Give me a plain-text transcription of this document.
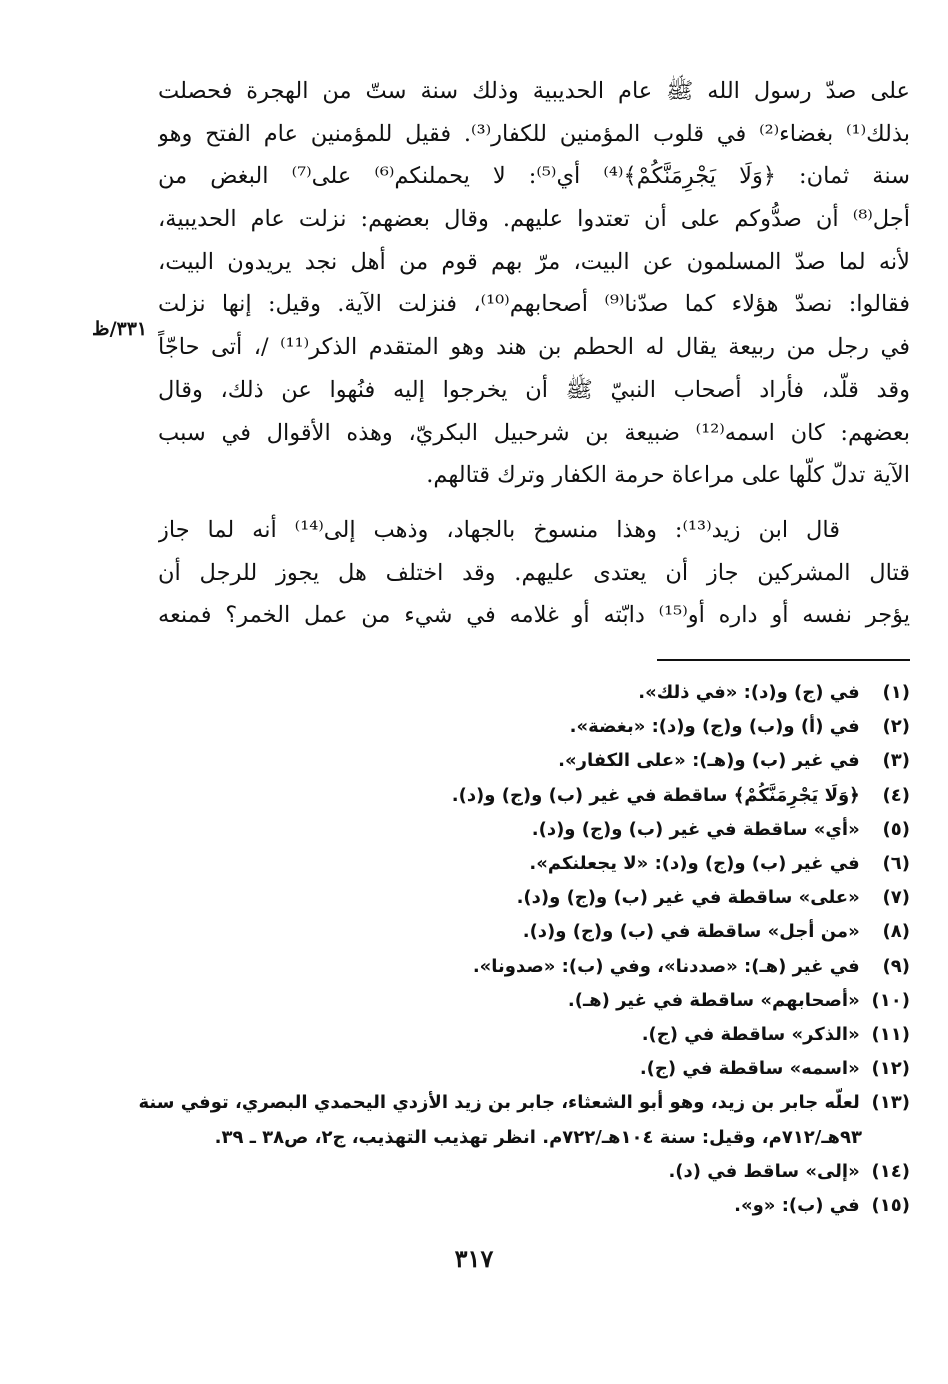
على صدّ رسول الله ﷺ عام الحديبية وذلك سنة ستّ من الهجرة فحصلت
بذلك⁽¹⁾ بغضاء⁽²⁾ في قلوب المؤمنين للكفار⁽³⁾. فقيل للمؤمنين عام الفتح وهو
سنة ثمان: ﴿وَلَا يَجْرِمَنَّكُمْ﴾⁽⁴⁾ أي⁽⁵⁾: لا يحملنكم⁽⁶⁾ على⁽⁷⁾ البغض من
أجل⁽⁸⁾ أن صدُّوكم على أن تعتدوا عليهم. وقال بعضهم: نزلت عام الحديبية،
لأنه لما صدّ المسلمون عن البيت، مرّ بهم قوم من أهل نجد يريدون البيت،
فقالوا: نصدّ هؤلاء كما صدّنا⁽⁹⁾ أصحابهم⁽¹⁰⁾، فنزلت الآية. وقيل: إنها نزلت
في رجل من ربيعة يقال له الحطم بن هند وهو المتقدم الذكر⁽¹¹⁾ /، أتى حاجّاً
وقد قلّد، فأراد أصحاب النبيّ ﷺ أن يخرجوا إليه فنُهوا عن ذلك، وقال
بعضهم: كان اسمه⁽¹²⁾ ضبيعة بن شرحبيل البكريّ، وهذه الأقوال في سبب
الآية تدلّ كلّها على مراعاة حرمة الكفار وترك قتالهم.
قال ابن زيد⁽¹³⁾: وهذا منسوخ بالجهاد، وذهب إلى⁽¹⁴⁾ أنه لما جاز
قتال المشركين جاز أن يعتدى عليهم. وقد اختلف هل يجوز للرجل أن
يؤجر نفسه أو داره أو⁽¹⁵⁾ دابّته أو غلامه في شيء من عمل الخمر؟ فمنعه
٣٣١/ظ
(١) في (ج) و(د): «في ذلك».
(٢) في (أ) و(ب) و(ج) و(د): «بغضة».
(٣) في غير (ب) و(هـ): «على الكفار».
(٤) ﴿وَلَا يَجْرِمَنَّكُمْ﴾ ساقطة في غير (ب) و(ج) و(د).
(٥) «أي» ساقطة في غير (ب) و(ج) و(د).
(٦) في غير (ب) و(ج) و(د): «لا يجعلنكم».
(٧) «على» ساقطة في غير (ب) و(ج) و(د).
(٨) «من أجل» ساقطة في (ب) و(ج) و(د).
(٩) في غير (هـ): «صددنا»، وفي (ب): «صدونا».
(١٠) «أصحابهم» ساقطة في غير (هـ).
(١١) «الذكر» ساقطة في (ج).
(١٢) «اسمه» ساقطة في (ج).
(١٣) لعلّه جابر بن زيد، وهو أبو الشعثاء، جابر بن زيد الأزدي اليحمدي البصري، توفي سنة
٩٣هـ/٧١٢م، وقيل: سنة ١٠٤هـ/٧٢٢م. انظر تهذيب التهذيب، ج٢، ص٣٨ ـ ٣٩.
(١٤) «إلى» ساقط في (د).
(١٥) في (ب): «و».
٣١٧
